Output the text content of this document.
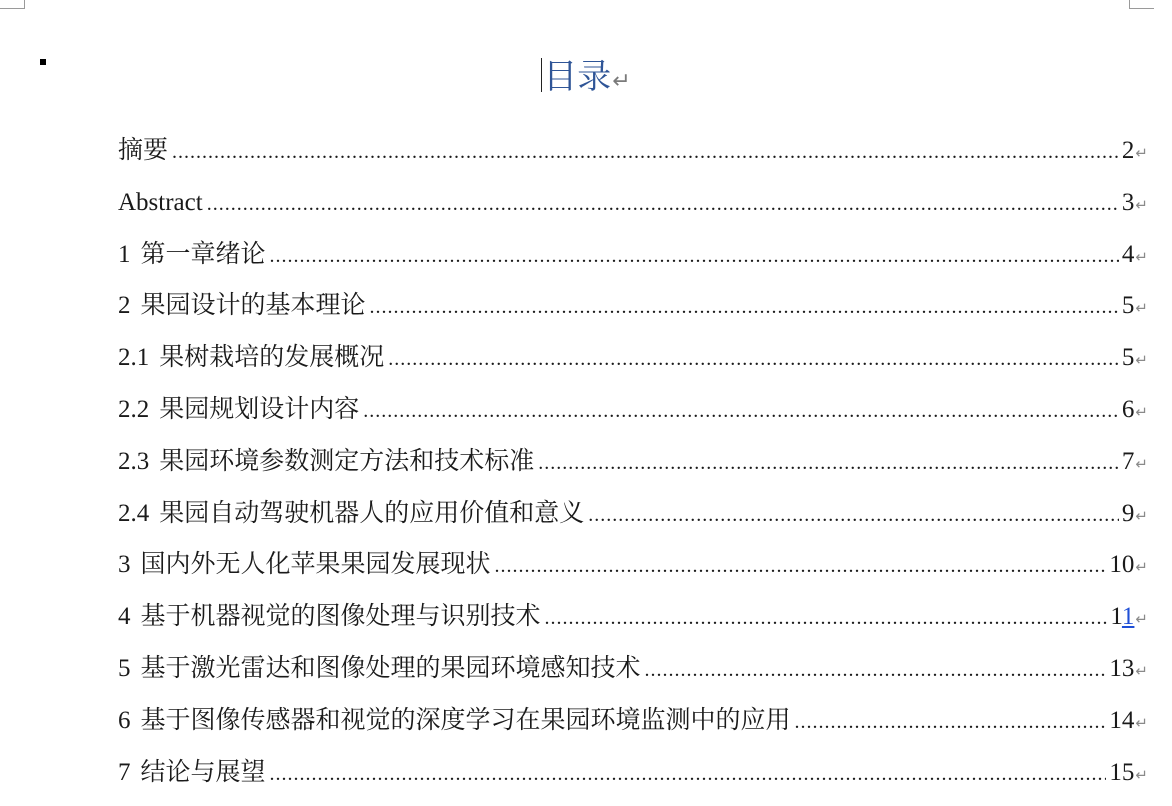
目录↵
摘要 .....	2 ↵
Abstract .....	3 ↵
1 第一章绪论 .....	4 ↵
2 果园设计的基本理论 .....	5 ↵
2.1 果树栽培的发展概况 .....	5 ↵
2.2 果园规划设计内容 .....	6 ↵
2.3 果园环境参数测定方法和技术标准 .....	7 ↵
2.4 果园自动驾驶机器人的应用价值和意义 .....	9 ↵
3 国内外无人化苹果果园发展现状 .....	10 ↵
4 基于机器视觉的图像处理与识别技术 .....	11 ↵
5 基于激光雷达和图像处理的果园环境感知技术 .....	13 ↵
6 基于图像传感器和视觉的深度学习在果园环境监测中的应用 .....	14 ↵
7 结论与展望 .....	15 ↵
